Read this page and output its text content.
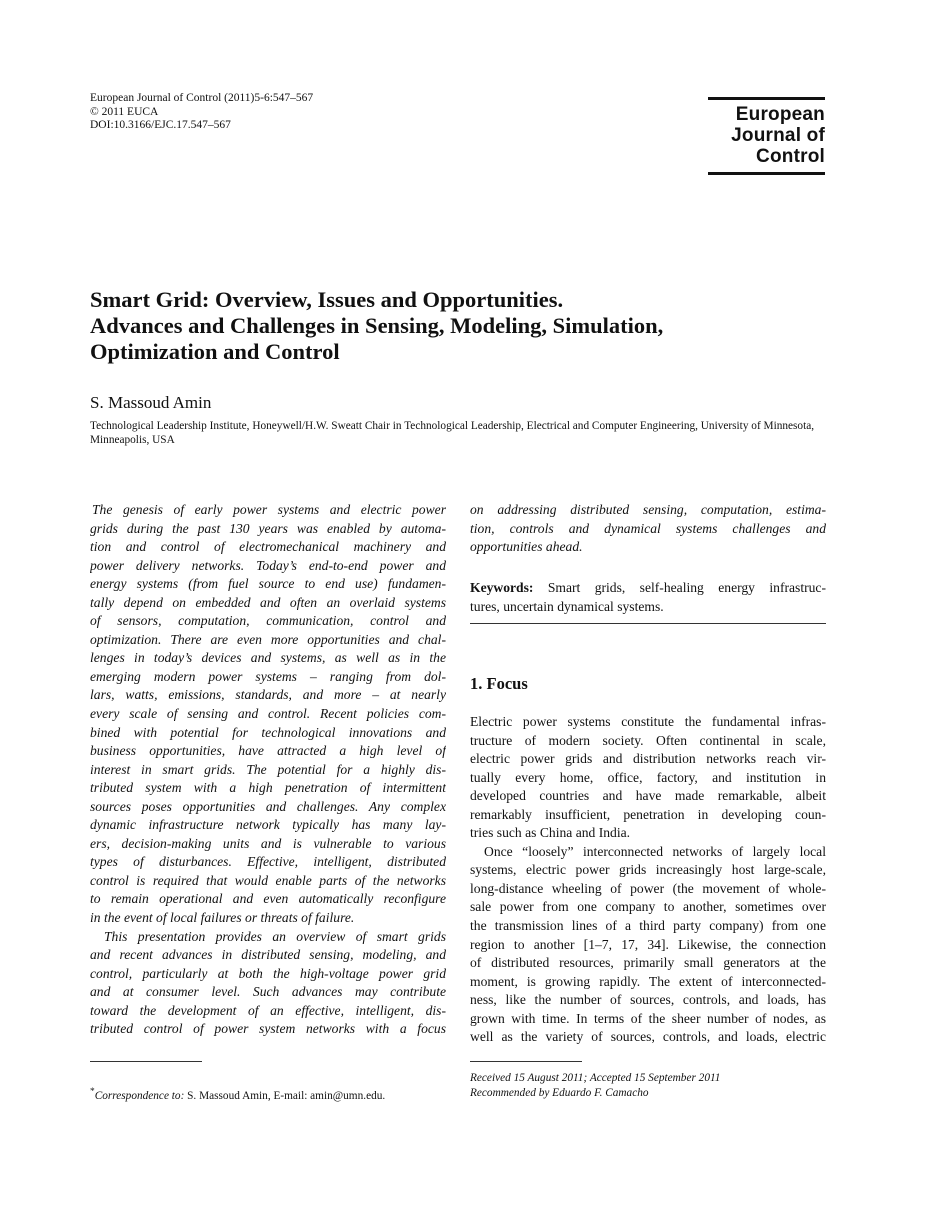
European Journal of Control (2011)5-6:547–567
© 2011 EUCA
DOI:10.3166/EJC.17.547–567	European
Journal of
Control
Smart Grid: Overview, Issues and Opportunities.
Advances and Challenges in Sensing, Modeling, Simulation,
Optimization and Control
S. Massoud Amin
Technological Leadership Institute, Honeywell/H.W. Sweatt Chair in Technological Leadership, Electrical and Computer Engineering, University of Minnesota, Minneapolis, USA
The genesis of early power systems and electric power
grids during the past 130 years was enabled by automa-
tion and control of electromechanical machinery and
power delivery networks. Today’s end-to-end power and
energy systems (from fuel source to end use) fundamen-
tally depend on embedded and often an overlaid systems
of sensors, computation, communication, control and
optimization. There are even more opportunities and chal-
lenges in today’s devices and systems, as well as in the
emerging modern power systems – ranging from dol-
lars, watts, emissions, standards, and more – at nearly
every scale of sensing and control. Recent policies com-
bined with potential for technological innovations and
business opportunities, have attracted a high level of
interest in smart grids. The potential for a highly dis-
tributed system with a high penetration of intermittent
sources poses opportunities and challenges. Any complex
dynamic infrastructure network typically has many lay-
ers, decision-making units and is vulnerable to various
types of disturbances. Effective, intelligent, distributed
control is required that would enable parts of the networks
to remain operational and even automatically reconfigure
in the event of local failures or threats of failure.
This presentation provides an overview of smart grids
and recent advances in distributed sensing, modeling, and
control, particularly at both the high-voltage power grid
and at consumer level. Such advances may contribute
toward the development of an effective, intelligent, dis-
tributed control of power system networks with a focus
on addressing distributed sensing, computation, estima-
tion, controls and dynamical systems challenges and
opportunities ahead.
Keywords: Smart grids, self-healing energy infrastruc-
tures, uncertain dynamical systems.
1. Focus
Electric power systems constitute the fundamental infras-
tructure of modern society. Often continental in scale,
electric power grids and distribution networks reach vir-
tually every home, office, factory, and institution in
developed countries and have made remarkable, albeit
remarkably insufficient, penetration in developing coun-
tries such as China and India.
Once “loosely” interconnected networks of largely local
systems, electric power grids increasingly host large-scale,
long-distance wheeling of power (the movement of whole-
sale power from one company to another, sometimes over
the transmission lines of a third party company) from one
region to another [1–7, 17, 34]. Likewise, the connection
of distributed resources, primarily small generators at the
moment, is growing rapidly. The extent of interconnected-
ness, like the number of sources, controls, and loads, has
grown with time. In terms of the sheer number of nodes, as
well as the variety of sources, controls, and loads, electric
*Correspondence to: S. Massoud Amin, E-mail: amin@umn.edu.
Received 15 August 2011; Accepted 15 September 2011
Recommended by Eduardo F. Camacho
